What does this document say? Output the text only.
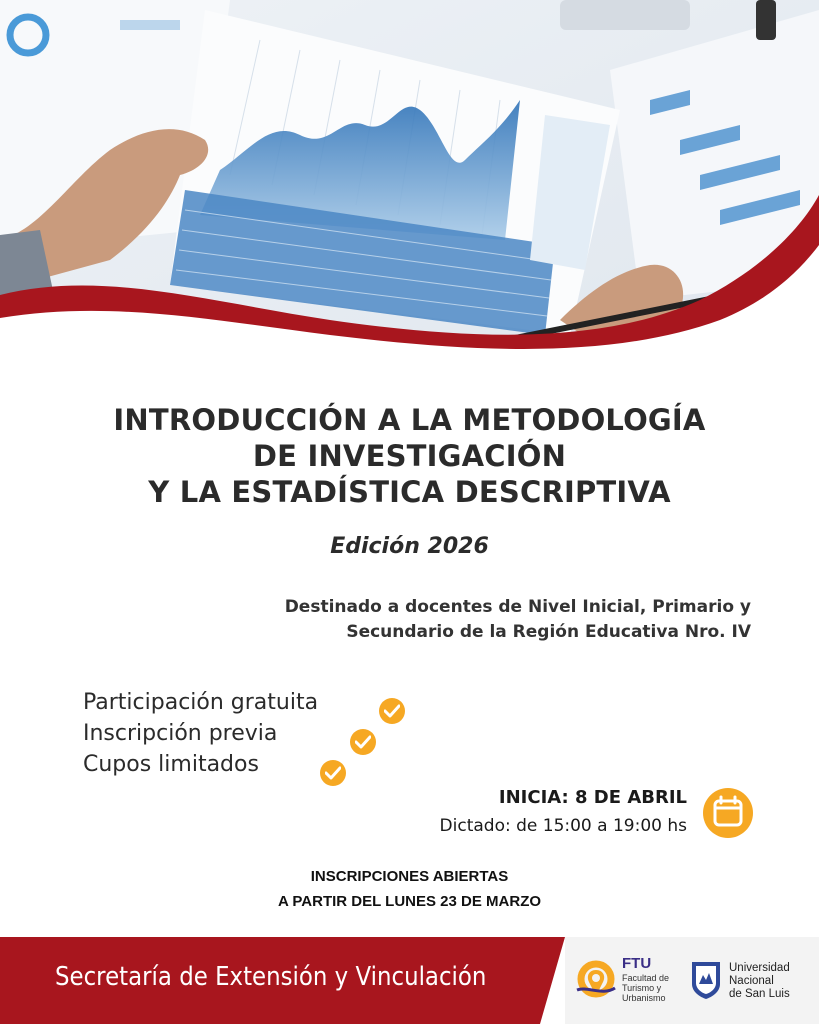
INTRODUCCIÓN A LA METODOLOGÍA
DE INVESTIGACIÓN
Y LA ESTADÍSTICA DESCRIPTIVA
Edición 2026
Destinado a docentes de Nivel Inicial, Primario y
Secundario de la Región Educativa Nro. IV
Participación gratuita
Inscripción previa
Cupos limitados
INICIA: 8 DE ABRIL
Dictado: de 15:00 a 19:00 hs
INSCRIPCIONES ABIERTAS
A PARTIR DEL LUNES 23 DE MARZO
Secretaría de Extensión y Vinculación	FTU
Facultad de
Turismo y
Urbanismo
Universidad
Nacional
de San Luis
